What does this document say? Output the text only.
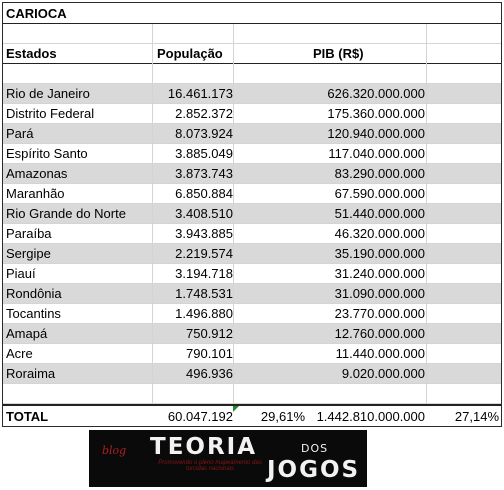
CARIOCA
Estados	População	PIB (R$)
Rio de Janeiro	16.461.173	626.320.000.000
Distrito Federal	2.852.372	175.360.000.000
Pará	8.073.924	120.940.000.000
Espírito Santo	3.885.049	117.040.000.000
Amazonas	3.873.743	83.290.000.000
Maranhão	6.850.884	67.590.000.000
Rio Grande do Norte	3.408.510	51.440.000.000
Paraíba	3.943.885	46.320.000.000
Sergipe	2.219.574	35.190.000.000
Piauí	3.194.718	31.240.000.000
Rondônia	1.748.531	31.090.000.000
Tocantins	1.496.880	23.770.000.000
Amapá	750.912	12.760.000.000
Acre	790.101	11.440.000.000
Roraima	496.936	9.020.000.000
TOTAL	60.047.192 29,61% 1.442.810.000.000 27,14%
blog TEORIA	DOS
Promovendo o pleno mapeamento das torcidas nacionais	JOGOS
